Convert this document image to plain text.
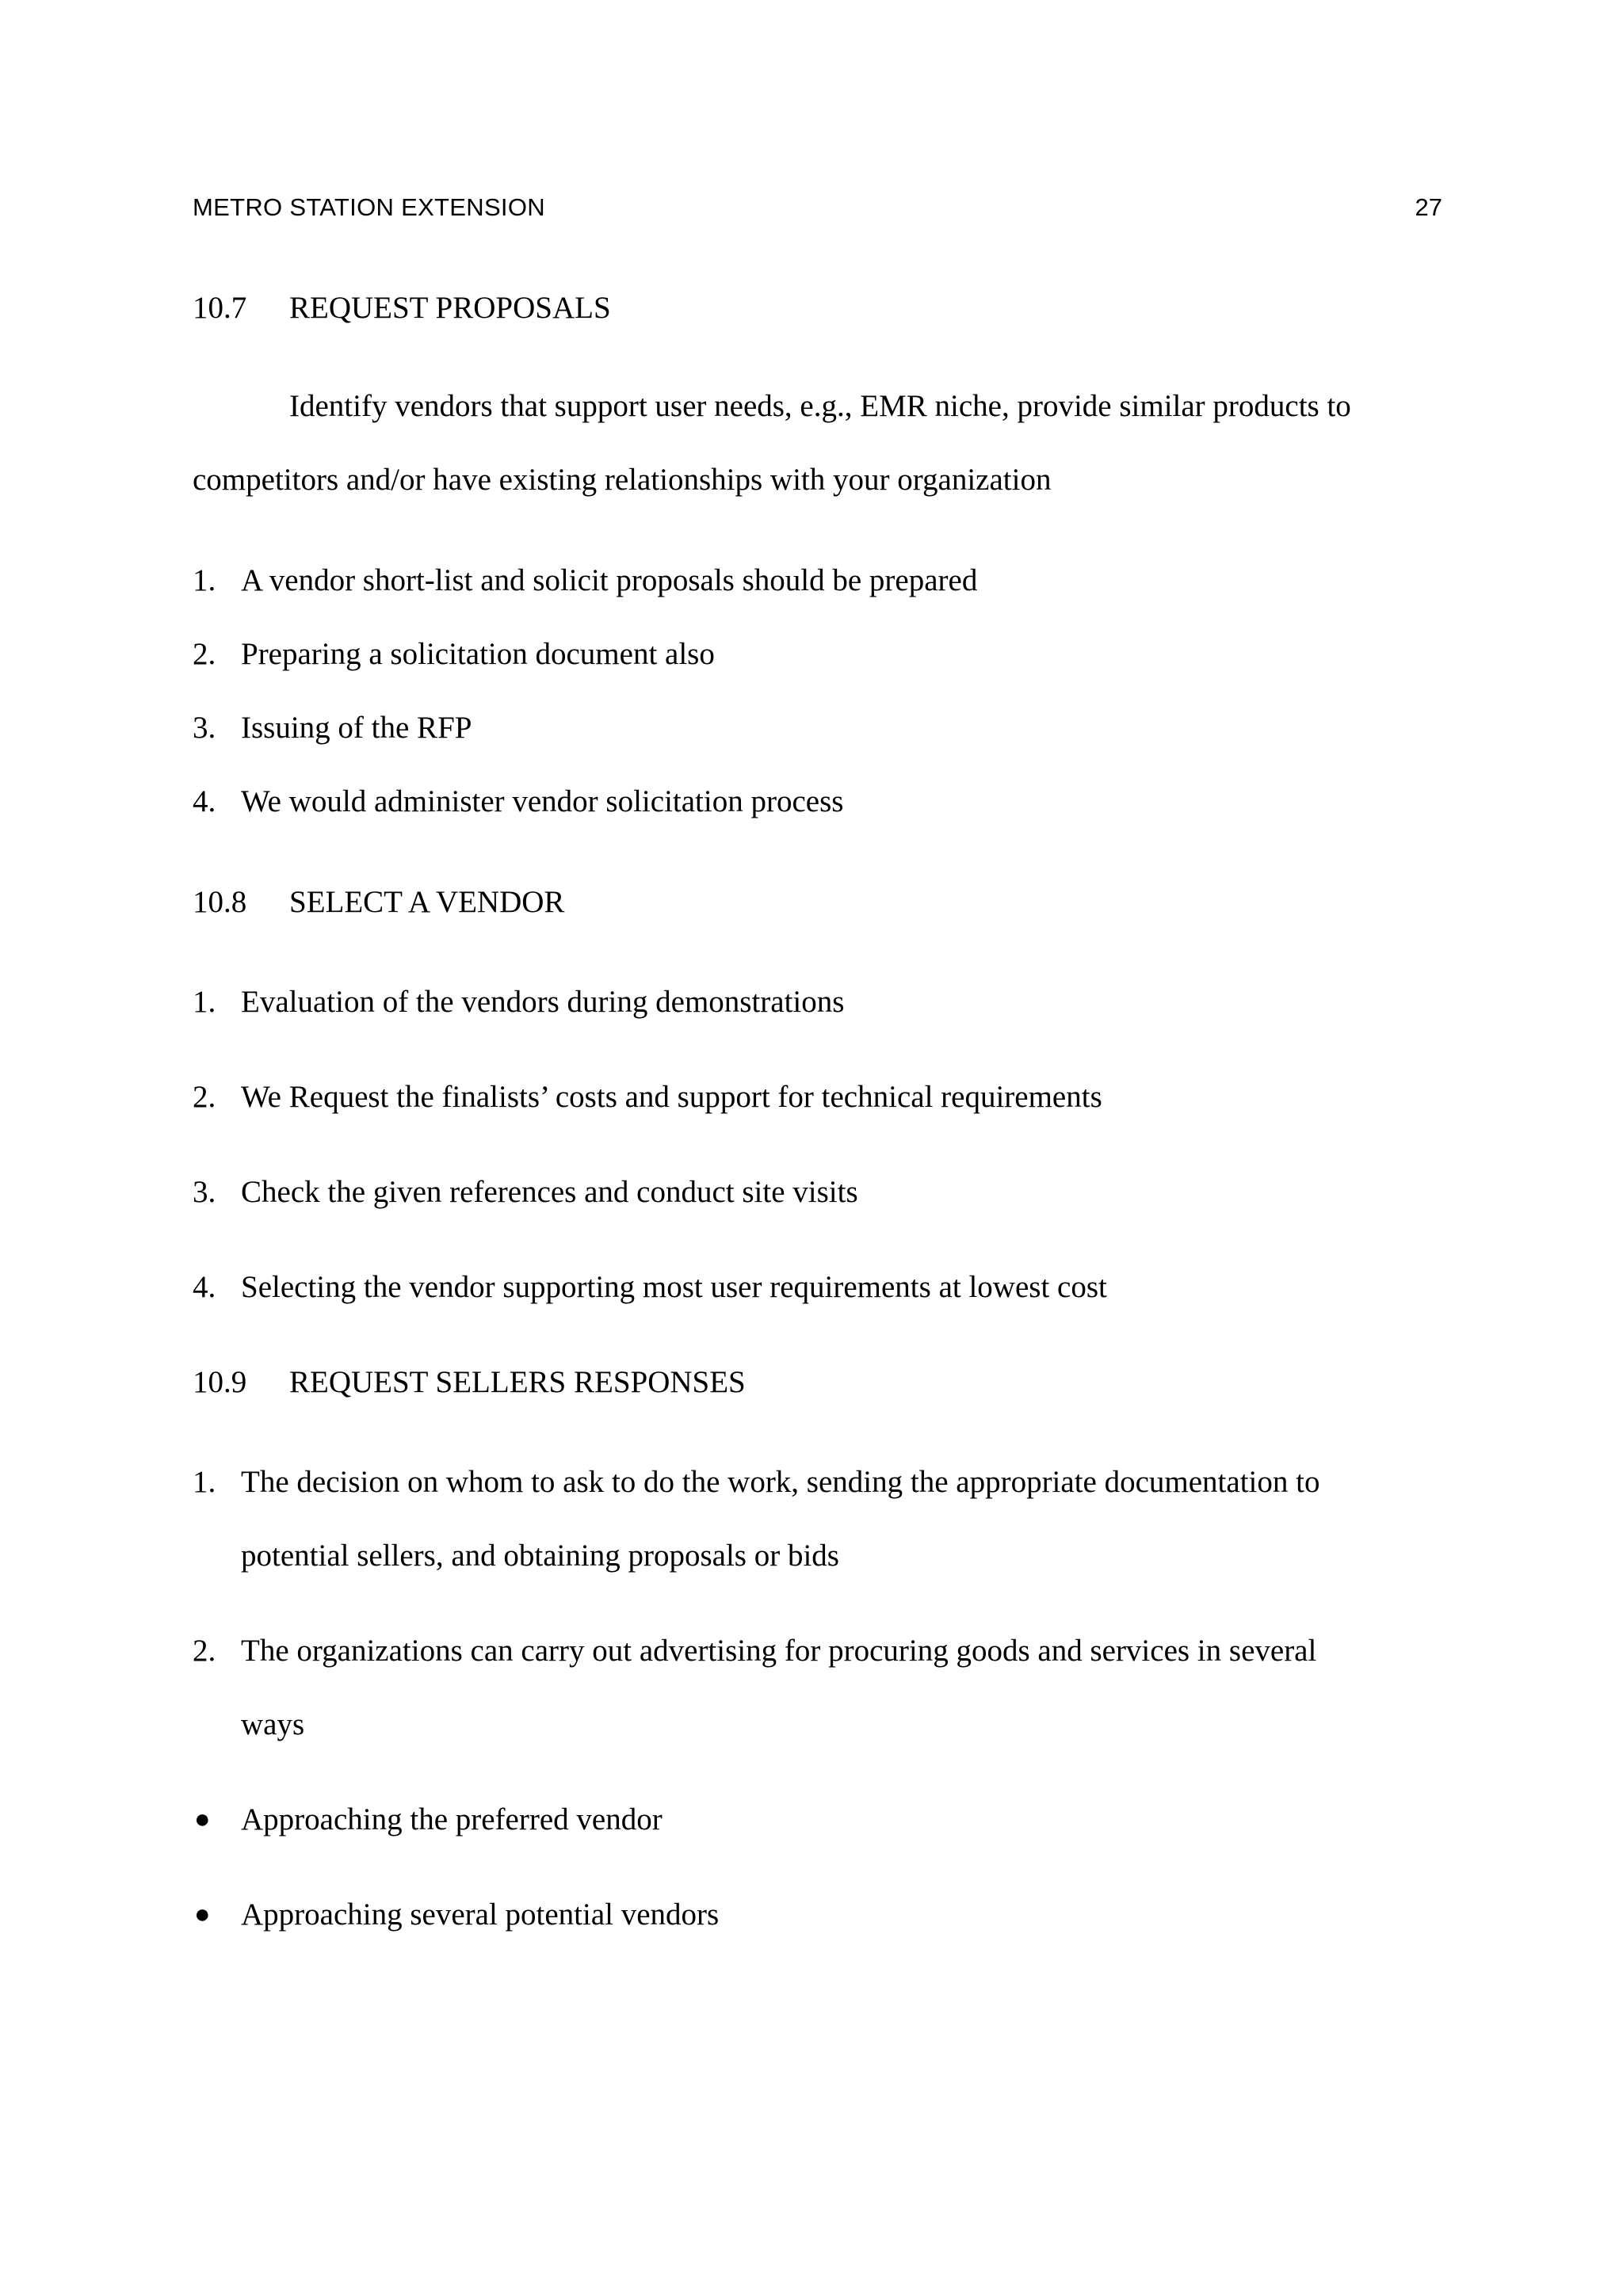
METRO STATION EXTENSION	27
10.7 REQUEST PROPOSALS
Identify vendors that support user needs, e.g., EMR niche, provide similar products to
competitors and/or have existing relationships with your organization
1. A vendor short-list and solicit proposals should be prepared
2. Preparing a solicitation document also
3. Issuing of the RFP
4. We would administer vendor solicitation process
10.8 SELECT A VENDOR
1. Evaluation of the vendors during demonstrations
2. We Request the finalists’ costs and support for technical requirements
3. Check the given references and conduct site visits
4. Selecting the vendor supporting most user requirements at lowest cost
10.9 REQUEST SELLERS RESPONSES
1. The decision on whom to ask to do the work, sending the appropriate documentation to
potential sellers, and obtaining proposals or bids
2. The organizations can carry out advertising for procuring goods and services in several
ways
● Approaching the preferred vendor
● Approaching several potential vendors
